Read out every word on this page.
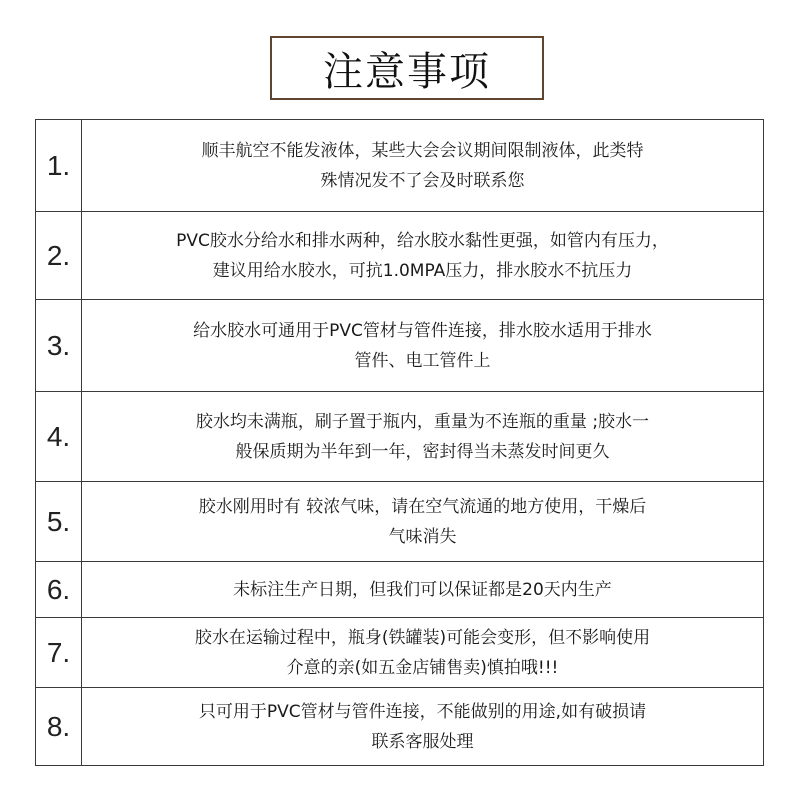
注意事项
1.	顺丰航空不能发液体，某些大会会议期间限制液体，此类特
殊情况发不了会及时联系您
2.	PVC胶水分给水和排水两种，给水胶水黏性更强，如管内有压力，
建议用给水胶水，可抗1.0MPA压力，排水胶水不抗压力
3.	给水胶水可通用于PVC管材与管件连接，排水胶水适用于排水
管件、电工管件上
4.	胶水均未满瓶，刷子置于瓶内，重量为不连瓶的重量 ;胶水一
般保质期为半年到一年，密封得当未蒸发时间更久
5.	胶水刚用时有 较浓气味，请在空气流通的地方使用，干燥后
气味消失
6.	未标注生产日期，但我们可以保证都是20天内生产
7.	胶水在运输过程中，瓶身(铁罐装)可能会变形，但不影响使用
介意的亲(如五金店铺售卖)慎拍哦!!!
8.	只可用于PVC管材与管件连接，不能做别的用途,如有破损请
联系客服处理
